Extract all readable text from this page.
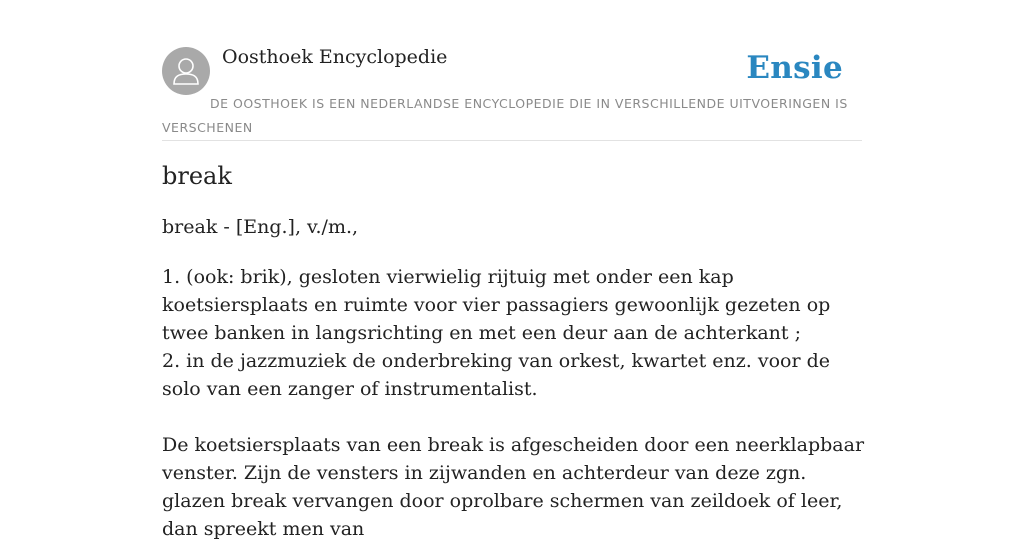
Oosthoek Encyclopedie	Ensie
DE OOSTHOEK IS EEN NEDERLANDSE ENCYCLOPEDIE DIE IN VERSCHILLENDE UITVOERINGEN IS VERSCHENEN
break

break - [Eng.], v./m.,

1. (ook: brik), gesloten vierwielig rijtuig met onder een kap koetsiersplaats en ruimte voor vier passagiers gewoonlijk gezeten op twee banken in langsrichting en met een deur aan de achterkant ;
2. in de jazzmuziek de onderbreking van orkest, kwartet enz. voor de solo van een zanger of instrumentalist.

De koetsiersplaats van een break is afgescheiden door een neerklapbaar venster. Zijn de vensters in zijwanden en achterdeur van deze zgn. glazen break vervangen door oprolbare schermen van zeildoek of leer, dan spreekt men van
